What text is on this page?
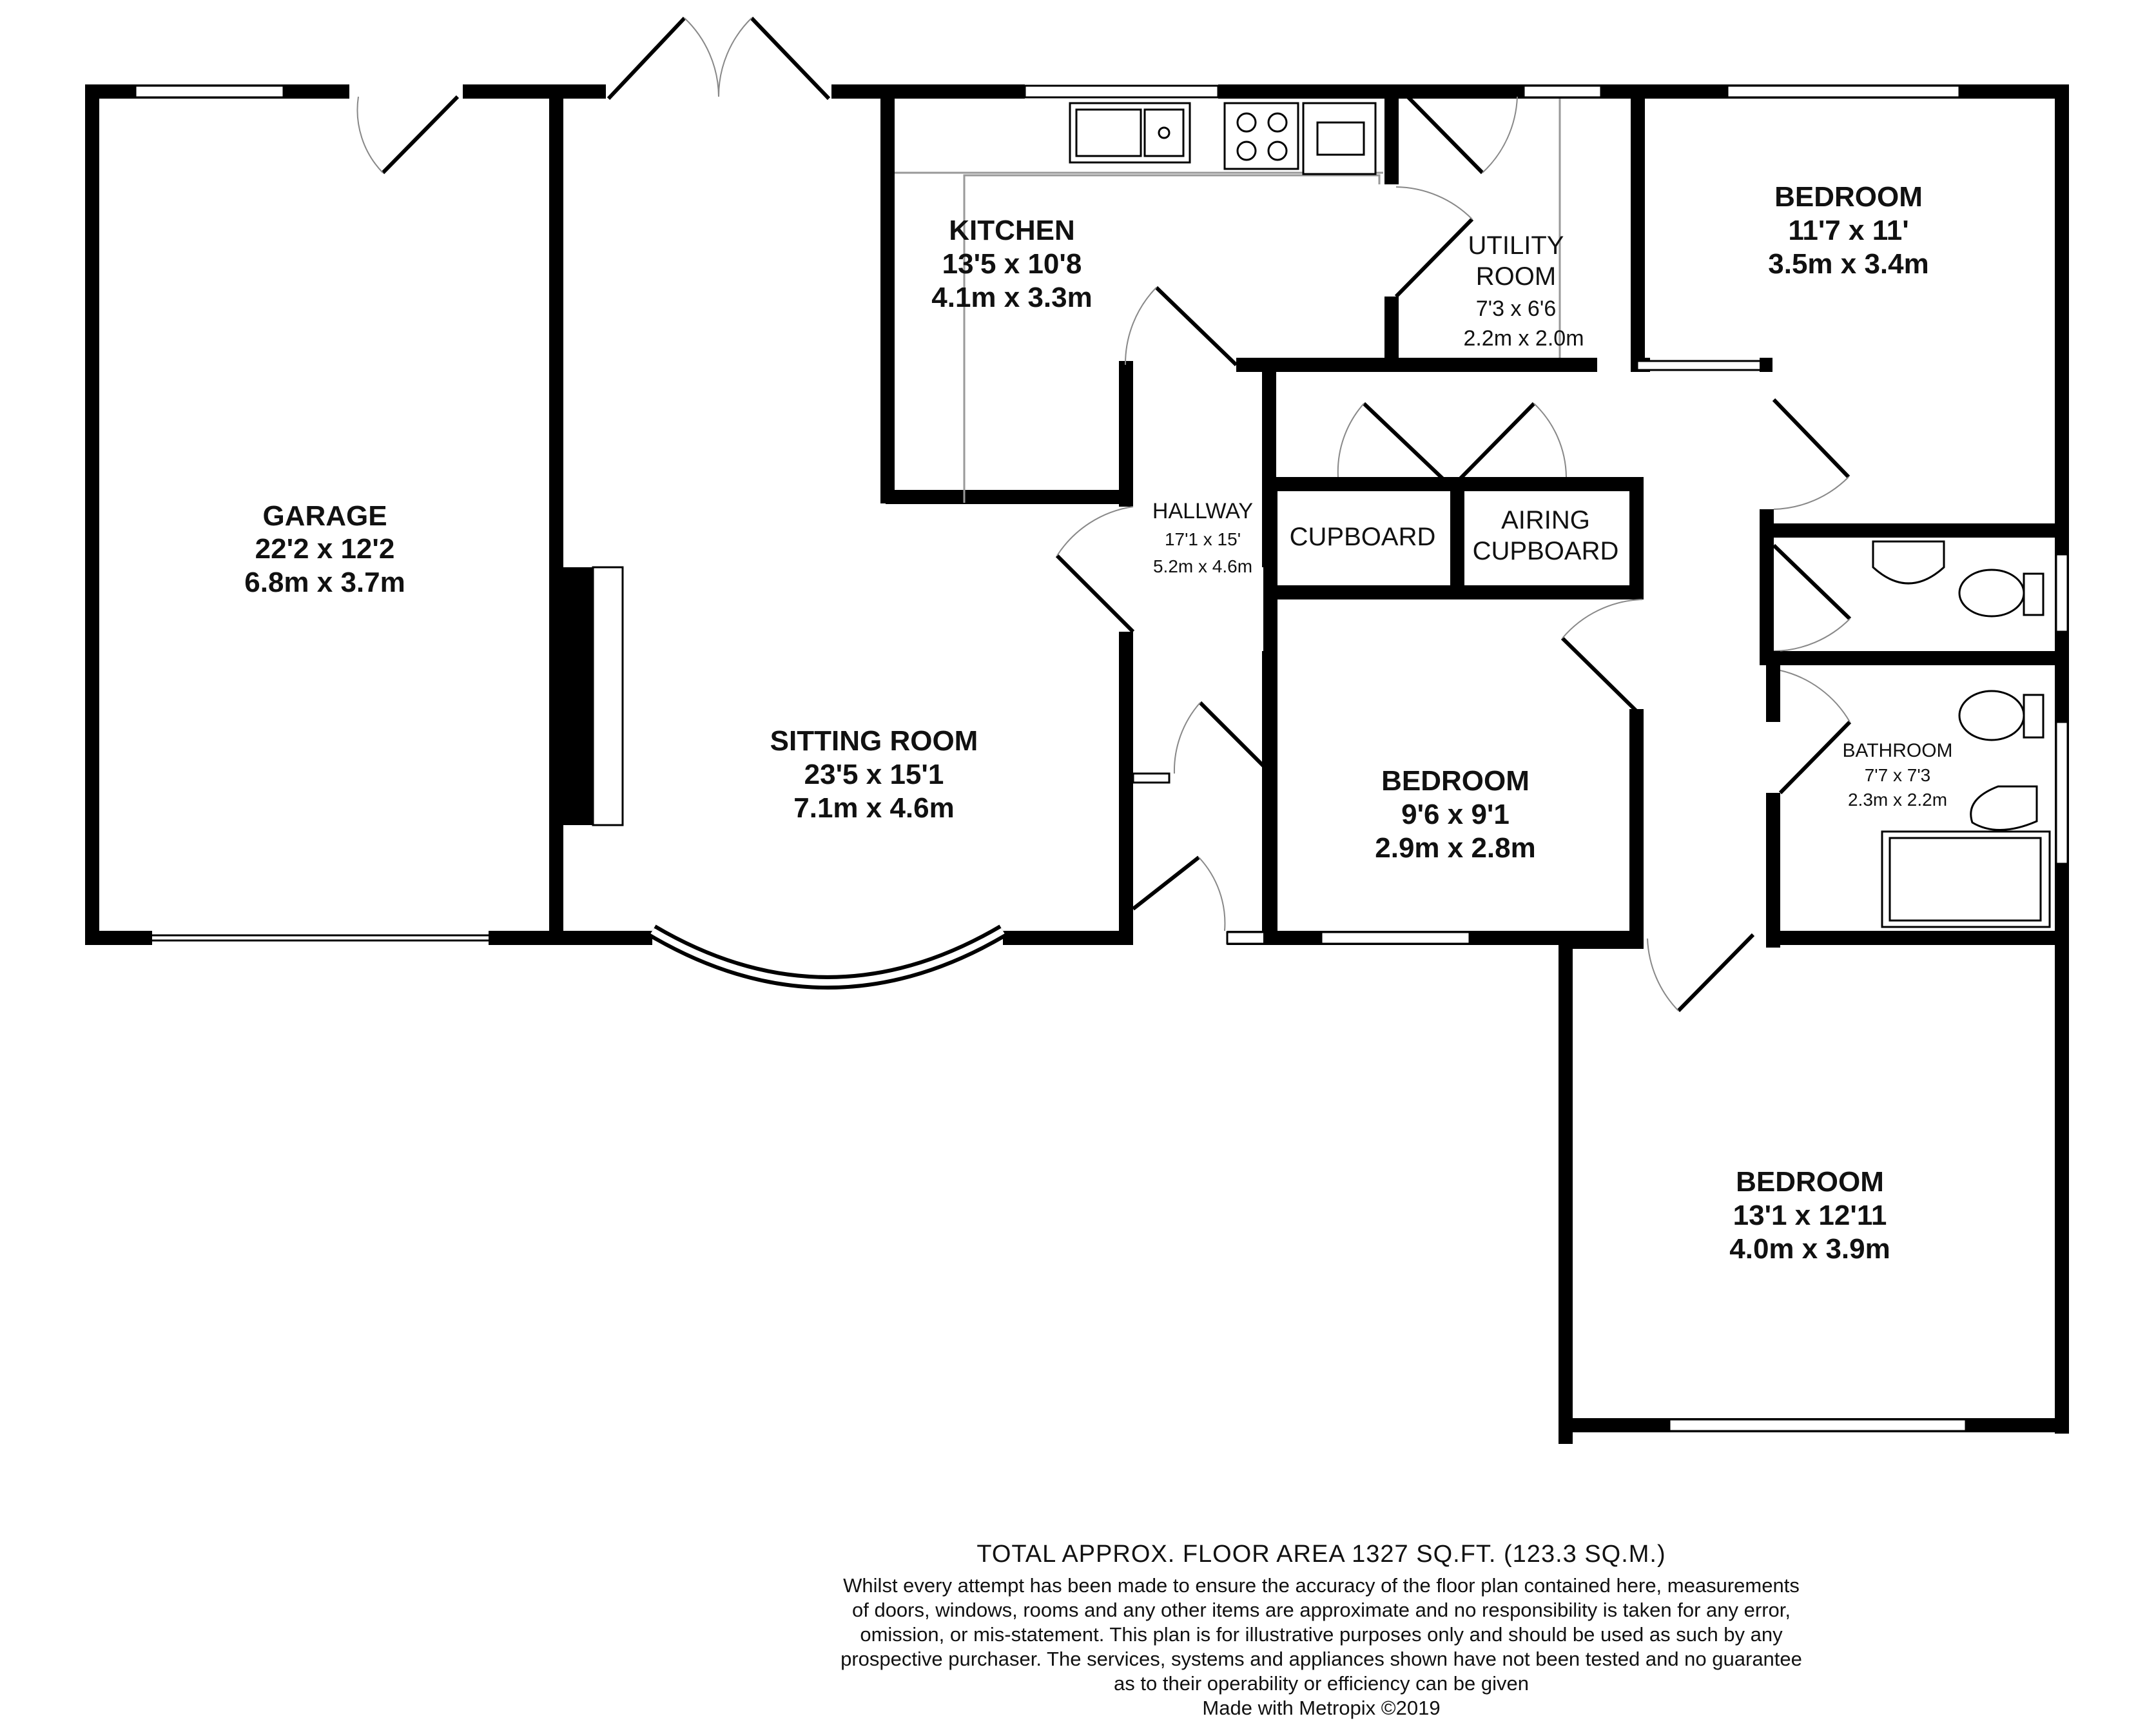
GARAGE
22'2 x 12'2
6.8m x 3.7m
SITTING ROOM
23'5 x 15'1
7.1m x 4.6m
KITCHEN
13'5 x 10'8
4.1m x 3.3m
UTILITY
ROOM
7'3 x 6'6
2.2m x 2.0m
BEDROOM
11'7 x 11'
3.5m x 3.4m
HALLWAY
17'1 x 15'
5.2m x 4.6m
CUPBOARD
AIRING
CUPBOARD
BEDROOM
9'6 x 9'1
2.9m x 2.8m
BATHROOM
7'7 x 7'3
2.3m x 2.2m
BEDROOM
13'1 x 12'11
4.0m x 3.9m
TOTAL APPROX. FLOOR AREA 1327 SQ.FT. (123.3 SQ.M.)
Whilst every attempt has been made to ensure the accuracy of the floor plan contained here, measurements
of doors, windows, rooms and any other items are approximate and no responsibility is taken for any error,
omission, or mis-statement. This plan is for illustrative purposes only and should be used as such by any
prospective purchaser. The services, systems and appliances shown have not been tested and no guarantee
as to their operability or efficiency can be given
Made with Metropix ©2019
